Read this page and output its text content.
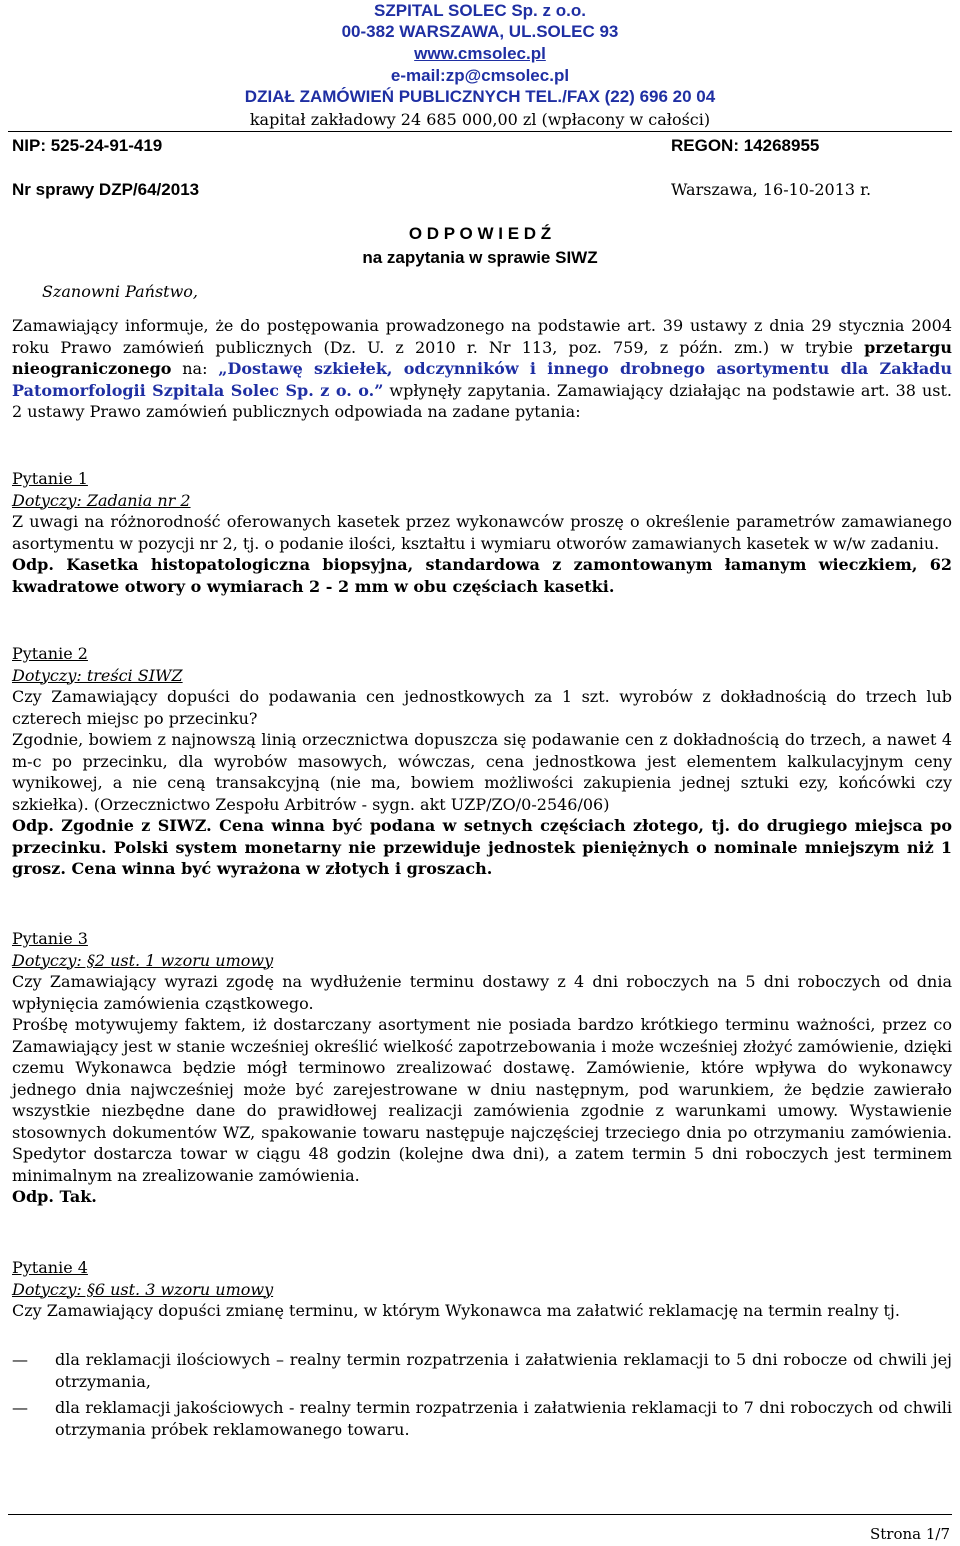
SZPITAL SOLEC Sp. z o.o.
00-382 WARSZAWA, UL.SOLEC 93
www.cmsolec.pl
e-mail:zp@cmsolec.pl
DZIAŁ ZAMÓWIEŃ PUBLICZNYCH TEL./FAX (22) 696 20 04
kapitał zakładowy 24 685 000,00 zl (wpłacony w całości)
NIP: 525-24-91-419	REGON: 14268955
Nr sprawy DZP/64/2013	Warszawa, 16-10-2013 r.
O D P O W I E D Ź
na zapytania w sprawie SIWZ
Szanowni Państwo,
Zamawiający informuje, że do postępowania prowadzonego na podstawie art. 39 ustawy z dnia 29 stycznia 2004 roku Prawo zamówień publicznych (Dz. U. z 2010 r. Nr 113, poz. 759, z późn. zm.) w trybie przetargu nieograniczonego na: „Dostawę szkiełek, odczynników i innego drobnego asortymentu dla Zakładu Patomorfologii Szpitala Solec Sp. z o. o.” wpłynęły zapytania. Zamawiający działając na podstawie art. 38 ust. 2 ustawy Prawo zamówień publicznych odpowiada na zadane pytania:
Pytanie 1
Dotyczy: Zadania nr 2
Z uwagi na różnorodność oferowanych kasetek przez wykonawców proszę o określenie parametrów zamawianego asortymentu w pozycji nr 2, tj. o podanie ilości, kształtu i wymiaru otworów zamawianych kasetek w w/w zadaniu.
Odp. Kasetka histopatologiczna biopsyjna, standardowa z zamontowanym łamanym wieczkiem, 62 kwadratowe otwory o wymiarach 2 - 2 mm w obu częściach kasetki.
Pytanie 2
Dotyczy: treści SIWZ
Czy Zamawiający dopuści do podawania cen jednostkowych za 1 szt. wyrobów z dokładnością do trzech lub czterech miejsc po przecinku?
Zgodnie, bowiem z najnowszą linią orzecznictwa dopuszcza się podawanie cen z dokładnością do trzech, a nawet 4 m-c po przecinku, dla wyrobów masowych, wówczas, cena jednostkowa jest elementem kalkulacyjnym ceny wynikowej, a nie ceną transakcyjną (nie ma, bowiem możliwości zakupienia jednej sztuki ezy, końcówki czy szkiełka). (Orzecznictwo Zespołu Arbitrów - sygn. akt UZP/ZO/0-2546/06)
Odp. Zgodnie z SIWZ. Cena winna być podana w setnych częściach złotego, tj. do drugiego miejsca po przecinku. Polski system monetarny nie przewiduje jednostek pieniężnych o nominale mniejszym niż 1 grosz. Cena winna być wyrażona w złotych i groszach.
Pytanie 3
Dotyczy: §2 ust. 1 wzoru umowy
Czy Zamawiający wyrazi zgodę na wydłużenie terminu dostawy z 4 dni roboczych na 5 dni roboczych od dnia wpłynięcia zamówienia cząstkowego.
Prośbę motywujemy faktem, iż dostarczany asortyment nie posiada bardzo krótkiego terminu ważności, przez co Zamawiający jest w stanie wcześniej określić wielkość zapotrzebowania i może wcześniej złożyć zamówienie, dzięki czemu Wykonawca będzie mógł terminowo zrealizować dostawę. Zamówienie, które wpływa do wykonawcy jednego dnia najwcześniej może być zarejestrowane w dniu następnym, pod warunkiem, że będzie zawierało wszystkie niezbędne dane do prawidłowej realizacji zamówienia zgodnie z warunkami umowy. Wystawienie stosownych dokumentów WZ, spakowanie towaru następuje najczęściej trzeciego dnia po otrzymaniu zamówienia. Spedytor dostarcza towar w ciągu 48 godzin (kolejne dwa dni), a zatem termin 5 dni roboczych jest terminem minimalnym na zrealizowanie zamówienia.
Odp. Tak.
Pytanie 4
Dotyczy: §6 ust. 3 wzoru umowy
Czy Zamawiający dopuści zmianę terminu, w którym Wykonawca ma załatwić reklamację na termin realny tj.
— dla reklamacji ilościowych – realny termin rozpatrzenia i załatwienia reklamacji to 5 dni robocze od chwili jej otrzymania,
— dla reklamacji jakościowych - realny termin rozpatrzenia i załatwienia reklamacji to 7 dni roboczych od chwili otrzymania próbek reklamowanego towaru.
Strona 1/7
